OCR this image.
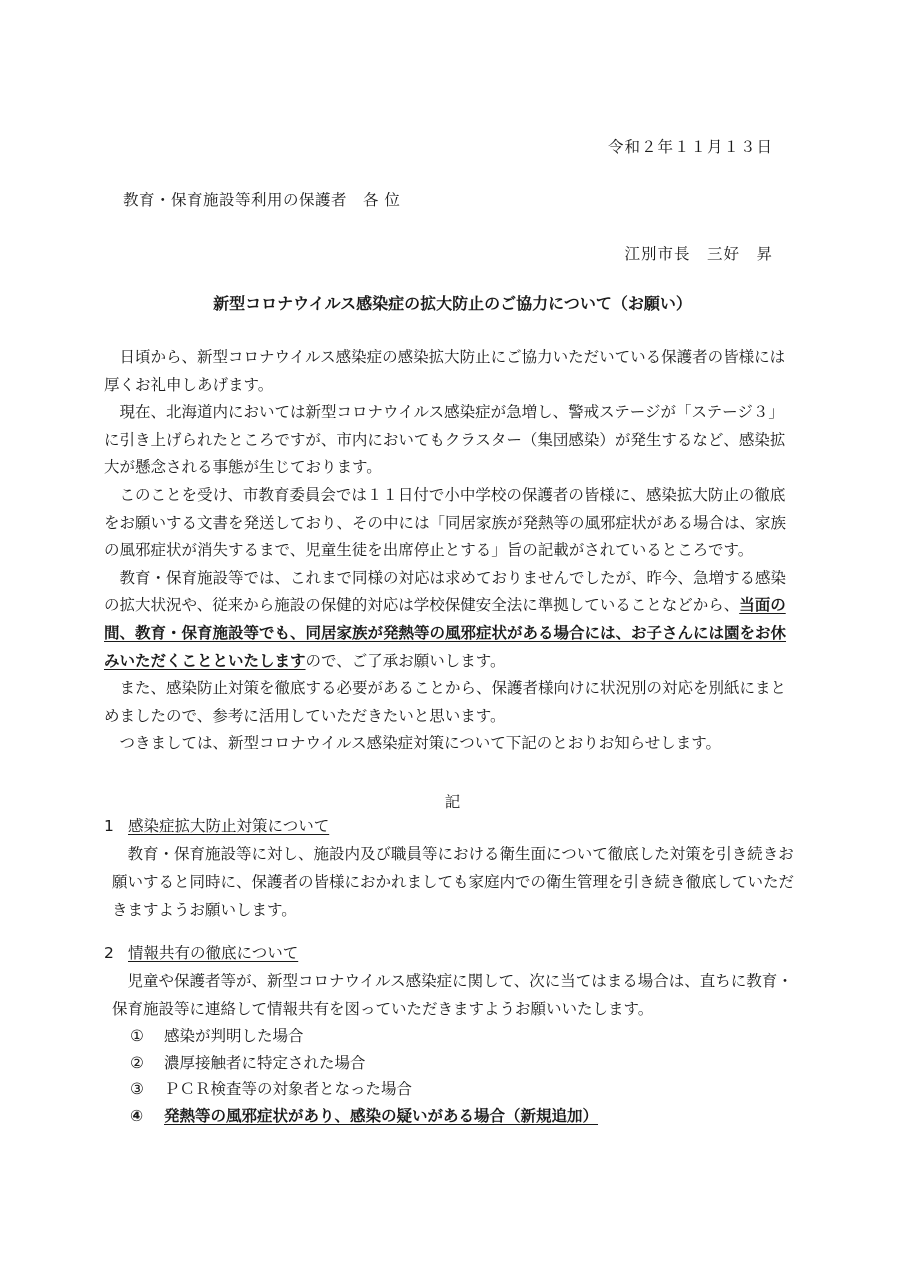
令和２年１１月１３日
教育・保育施設等利用の保護者　各 位
江別市長　三好　昇
新型コロナウイルス感染症の拡大防止のご協力について（お願い）

日頃から、新型コロナウイルス感染症の感染拡大防止にご協力いただいている保護者の皆様には厚くお礼申しあげます。

現在、北海道内においては新型コロナウイルス感染症が急増し、警戒ステージが「ステージ３」に引き上げられたところですが、市内においてもクラスター（集団感染）が発生するなど、感染拡大が懸念される事態が生じております。

このことを受け、市教育委員会では１１日付で小中学校の保護者の皆様に、感染拡大防止の徹底をお願いする文書を発送しており、その中には「同居家族が発熱等の風邪症状がある場合は、家族の風邪症状が消失するまで、児童生徒を出席停止とする」旨の記載がされているところです。

教育・保育施設等では、これまで同様の対応は求めておりませんでしたが、昨今、急増する感染の拡大状況や、従来から施設の保健的対応は学校保健安全法に準拠していることなどから、当面の間、教育・保育施設等でも、同居家族が発熱等の風邪症状がある場合には、お子さんには園をお休みいただくことといたしますので、ご了承お願いします。

また、感染防止対策を徹底する必要があることから、保護者様向けに状況別の対応を別紙にまとめましたので、参考に活用していただきたいと思います。

つきましては、新型コロナウイルス感染症対策について下記のとおりお知らせします。

記
1 感染症拡大防止対策について

教育・保育施設等に対し、施設内及び職員等における衛生面について徹底した対策を引き続きお願いすると同時に、保護者の皆様におかれましても家庭内での衛生管理を引き続き徹底していただきますようお願いします。

2 情報共有の徹底について

児童や保護者等が、新型コロナウイルス感染症に関して、次に当てはまる場合は、直ちに教育・保育施設等に連絡して情報共有を図っていただきますようお願いいたします。

① 感染が判明した場合
② 濃厚接触者に特定された場合
③ ＰＣＲ検査等の対象者となった場合
④ 発熱等の風邪症状があり、感染の疑いがある場合（新規追加）
